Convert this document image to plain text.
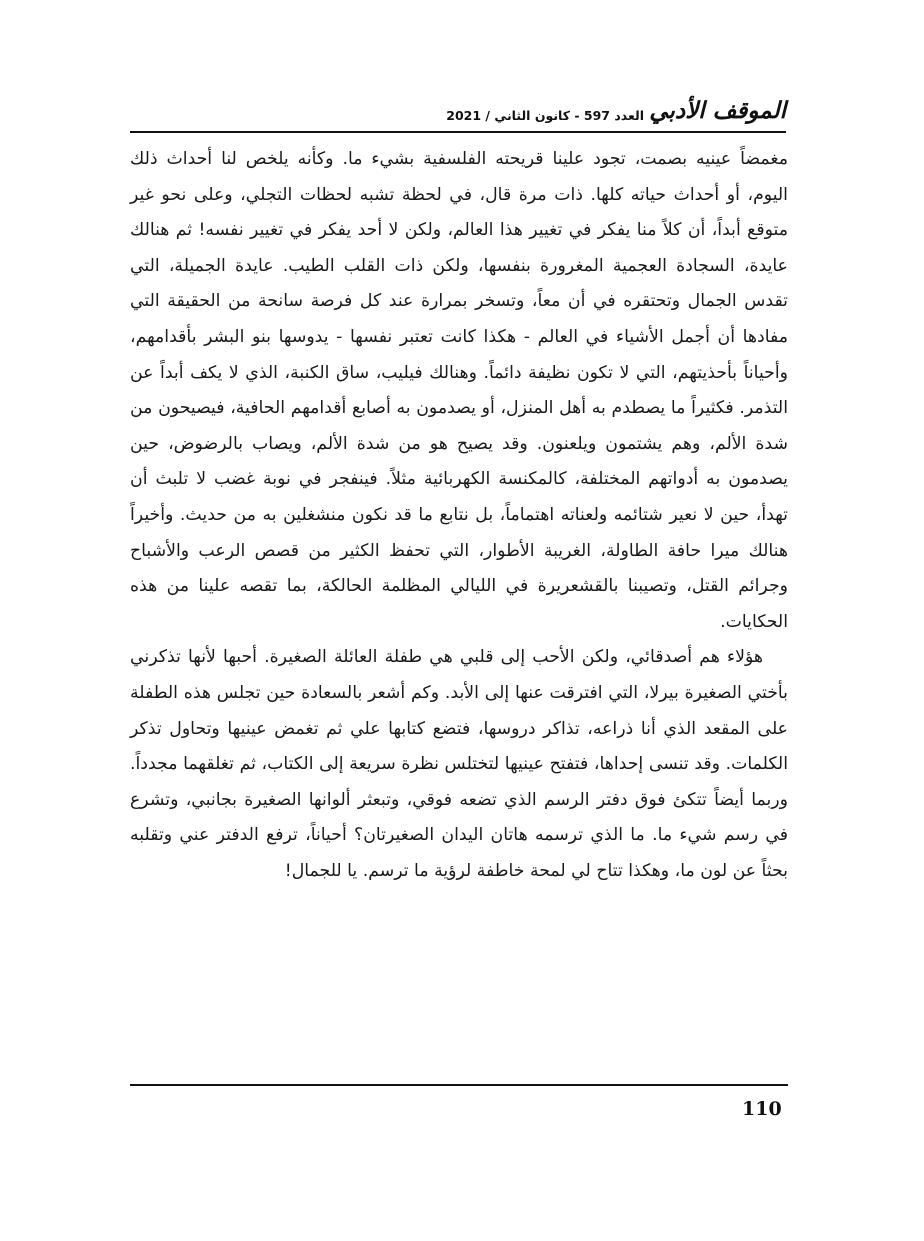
الموقف الأدبي
العدد 597 - كانون الثاني / 2021

مغمضاً عينيه بصمت، تجود علينا قريحته الفلسفية بشيء ما. وكأنه يلخص لنا أحداث ذلك اليوم، أو أحداث حياته كلها. ذات مرة قال، في لحظة تشبه لحظات التجلي، وعلى نحو غير متوقع أبداً، أن كلاً منا يفكر في تغيير هذا العالم، ولكن لا أحد يفكر في تغيير نفسه! ثم هنالك عايدة، السجادة العجمية المغرورة بنفسها، ولكن ذات القلب الطيب. عايدة الجميلة، التي تقدس الجمال وتحتقره في أن معاً، وتسخر بمرارة عند كل فرصة سانحة من الحقيقة التي مفادها أن أجمل الأشياء في العالم - هكذا كانت تعتبر نفسها - يدوسها بنو البشر بأقدامهم، وأحياناً بأحذيتهم، التي لا تكون نظيفة دائماً. وهنالك فيليب، ساق الكنبة، الذي لا يكف أبداً عن التذمر. فكثيراً ما يصطدم به أهل المنزل، أو يصدمون به أصابع أقدامهم الحافية، فيصيحون من شدة الألم، وهم يشتمون ويلعنون. وقد يصيح هو من شدة الألم، ويصاب بالرضوض، حين يصدمون به أدواتهم المختلفة، كالمكنسة الكهربائية مثلاً. فينفجر في نوبة غضب لا تلبث أن تهدأ، حين لا نعير شتائمه ولعناته اهتماماً، بل نتابع ما قد نكون منشغلين به من حديث. وأخيراً هنالك ميرا حافة الطاولة، الغريبة الأطوار، التي تحفظ الكثير من قصص الرعب والأشباح وجرائم القتل، وتصيبنا بالقشعريرة في الليالي المظلمة الحالكة، بما تقصه علينا من هذه الحكايات.

هؤلاء هم أصدقائي، ولكن الأحب إلى قلبي هي طفلة العائلة الصغيرة. أحبها لأنها تذكرني بأختي الصغيرة بيرلا، التي افترقت عنها إلى الأبد. وكم أشعر بالسعادة حين تجلس هذه الطفلة على المقعد الذي أنا ذراعه، تذاكر دروسها، فتضع كتابها علي ثم تغمض عينيها وتحاول تذكر الكلمات. وقد تنسى إحداها، فتفتح عينيها لتختلس نظرة سريعة إلى الكتاب، ثم تغلقهما مجدداً. وربما أيضاً تتكئ فوق دفتر الرسم الذي تضعه فوقي، وتبعثر ألوانها الصغيرة بجانبي، وتشرع في رسم شيء ما. ما الذي ترسمه هاتان اليدان الصغيرتان؟ أحياناً، ترفع الدفتر عني وتقلبه بحثاً عن لون ما، وهكذا تتاح لي لمحة خاطفة لرؤية ما ترسم. يا للجمال!

110
